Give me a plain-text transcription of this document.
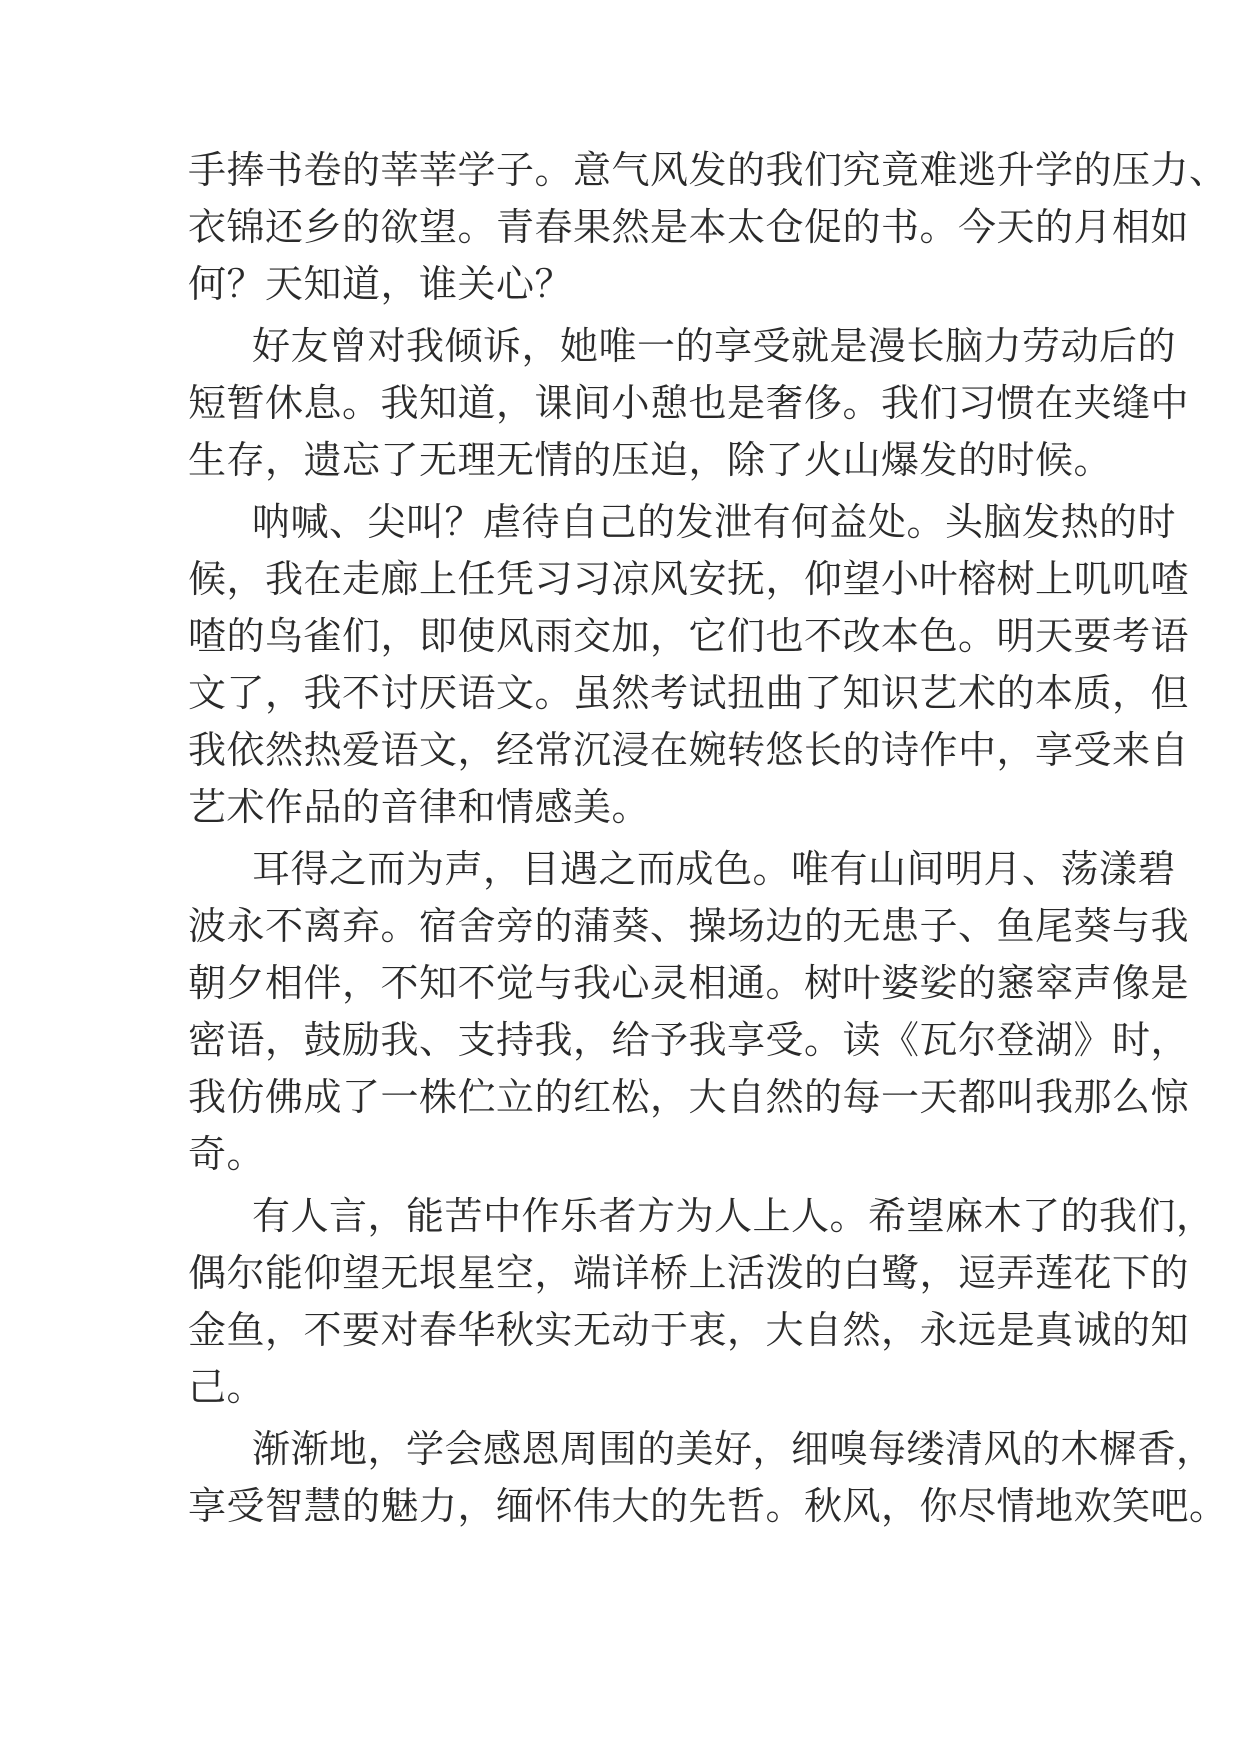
手捧书卷的莘莘学子。意气风发的我们究竟难逃升学的压力、
衣锦还乡的欲望。青春果然是本太仓促的书。今天的月相如
何？天知道，谁关心？
好友曾对我倾诉，她唯一的享受就是漫长脑力劳动后的
短暂休息。我知道，课间小憩也是奢侈。我们习惯在夹缝中
生存，遗忘了无理无情的压迫，除了火山爆发的时候。
呐喊、尖叫？虐待自己的发泄有何益处。头脑发热的时
候，我在走廊上任凭习习凉风安抚，仰望小叶榕树上叽叽喳
喳的鸟雀们，即使风雨交加，它们也不改本色。明天要考语
文了，我不讨厌语文。虽然考试扭曲了知识艺术的本质，但
我依然热爱语文，经常沉浸在婉转悠长的诗作中，享受来自
艺术作品的音律和情感美。
耳得之而为声，目遇之而成色。唯有山间明月、荡漾碧
波永不离弃。宿舍旁的蒲葵、操场边的无患子、鱼尾葵与我
朝夕相伴，不知不觉与我心灵相通。树叶婆娑的窸窣声像是
密语，鼓励我、支持我，给予我享受。读《瓦尔登湖》时，
我仿佛成了一株伫立的红松，大自然的每一天都叫我那么惊
奇。
有人言，能苦中作乐者方为人上人。希望麻木了的我们，
偶尔能仰望无垠星空，端详桥上活泼的白鹭，逗弄莲花下的
金鱼，不要对春华秋实无动于衷，大自然，永远是真诚的知
己。
渐渐地，学会感恩周围的美好，细嗅每缕清风的木樨香，
享受智慧的魅力，缅怀伟大的先哲。秋风，你尽情地欢笑吧。
